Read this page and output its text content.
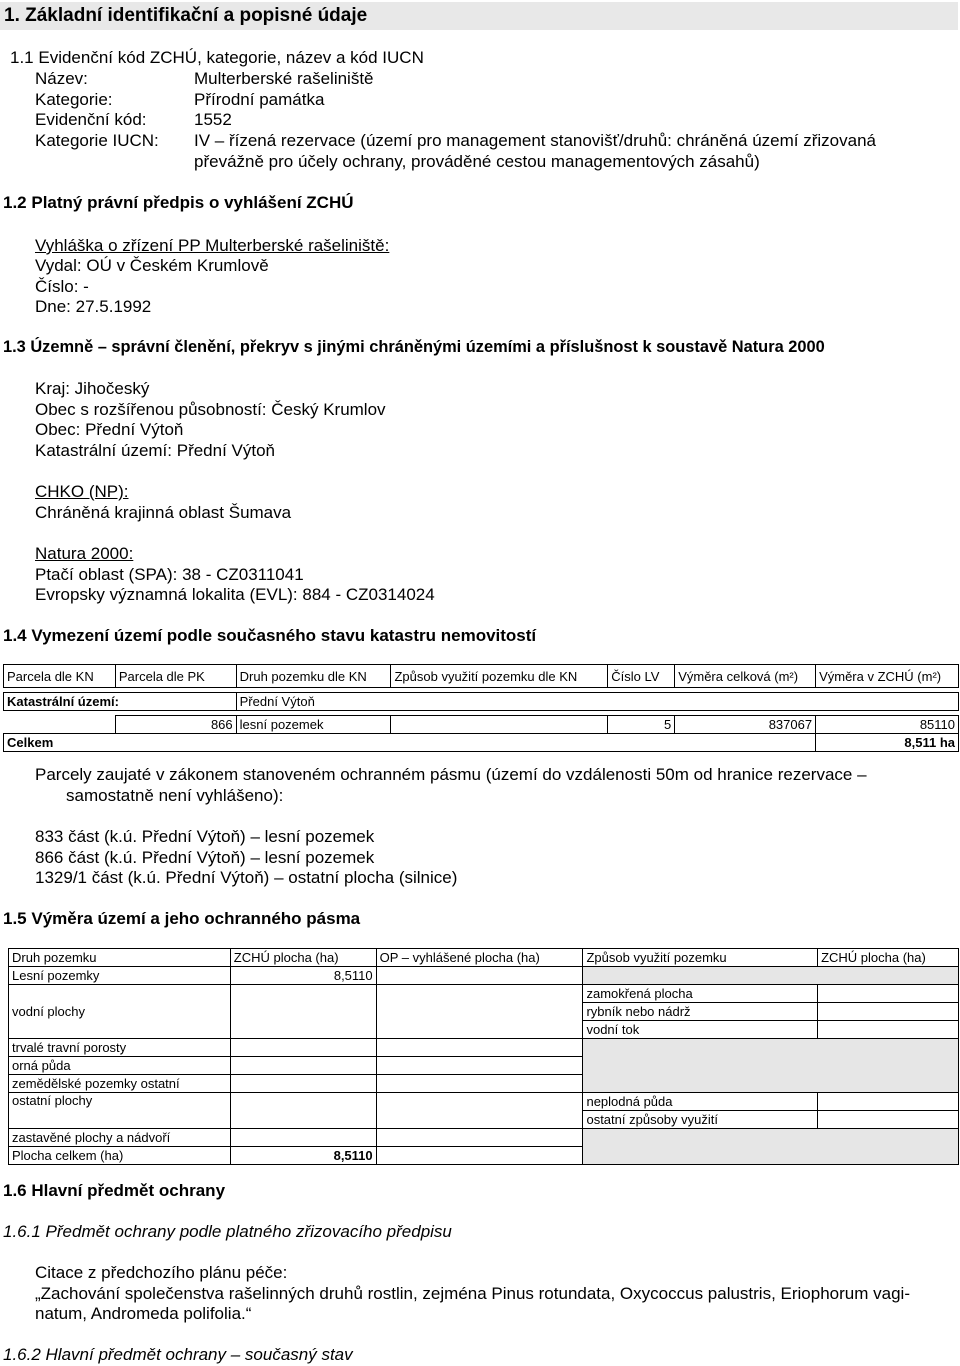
1. Základní identifikační a popisné údaje
1.1 Evidenční kód ZCHÚ, kategorie, název a kód IUCN
Název:	Multerberské rašeliniště
Kategorie:	Přírodní památka
Evidenční kód:	1552
Kategorie IUCN: IV – řízená rezervace (území pro management stanovišť/druhů: chráněná území zřizovaná
převážně pro účely ochrany, prováděné cestou managementových zásahů)
1.2 Platný právní předpis o vyhlášení ZCHÚ
Vyhláška o zřízení PP Multerberské rašeliniště:
Vydal: OÚ v Českém Krumlově
Číslo: -
Dne: 27.5.1992
1.3 Územně – správní členění, překryv s jinými chráněnými územími a příslušnost k soustavě Natura 2000
Kraj: Jihočeský
Obec s rozšířenou působností: Český Krumlov
Obec: Přední Výtoň
Katastrální území: Přední Výtoň
CHKO (NP):
Chráněná krajinná oblast Šumava
Natura 2000:
Ptačí oblast (SPA): 38 - CZ0311041
Evropsky významná lokalita (EVL): 884 - CZ0314024
1.4 Vymezení území podle současného stavu katastru nemovitostí
Parcela dle KN	Parcela dle PK	Druh pozemku dle KN	Způsob využití pozemku dle KN	Číslo LV	Výměra celková (m²)	Výměra v ZCHÚ (m²)

Katastrální území:		Přední Výtoň				

	866	lesní pozemek		5	837067	85110
Celkem						8,511 ha
Parcely zaujaté v zákonem stanoveném ochranném pásmu (území do vzdálenosti 50m od hranice rezervace –
samostatně není vyhlášeno):
833 část (k.ú. Přední Výtoň) – lesní pozemek
866 část (k.ú. Přední Výtoň) – lesní pozemek
1329/1 část (k.ú. Přední Výtoň) – ostatní plocha (silnice)
1.5 Výměra území a jeho ochranného pásma
Druh pozemku	ZCHÚ plocha (ha)	OP – vyhlášené plocha (ha)	Způsob využití pozemku	ZCHÚ plocha (ha)
Lesní pozemky	8,5110			
vodní plochy			zamokřená plocha	
			rybník nebo nádrž	
			vodní tok	
trvalé travní porosty				
orná půda				
zemědělské pozemky ostatní				
ostatní plochy			neplodná půda	
			ostatní způsoby využití	
zastavěné plochy a nádvoří				
Plocha celkem (ha)	8,5110			
1.6 Hlavní předmět ochrany
1.6.1 Předmět ochrany podle platného zřizovacího předpisu
Citace z předchozího plánu péče:
„Zachování společenstva rašelinných druhů rostlin, zejména Pinus rotundata, Oxycoccus palustris, Eriophorum vagi-
natum, Andromeda polifolia.“
1.6.2 Hlavní předmět ochrany – současný stav
